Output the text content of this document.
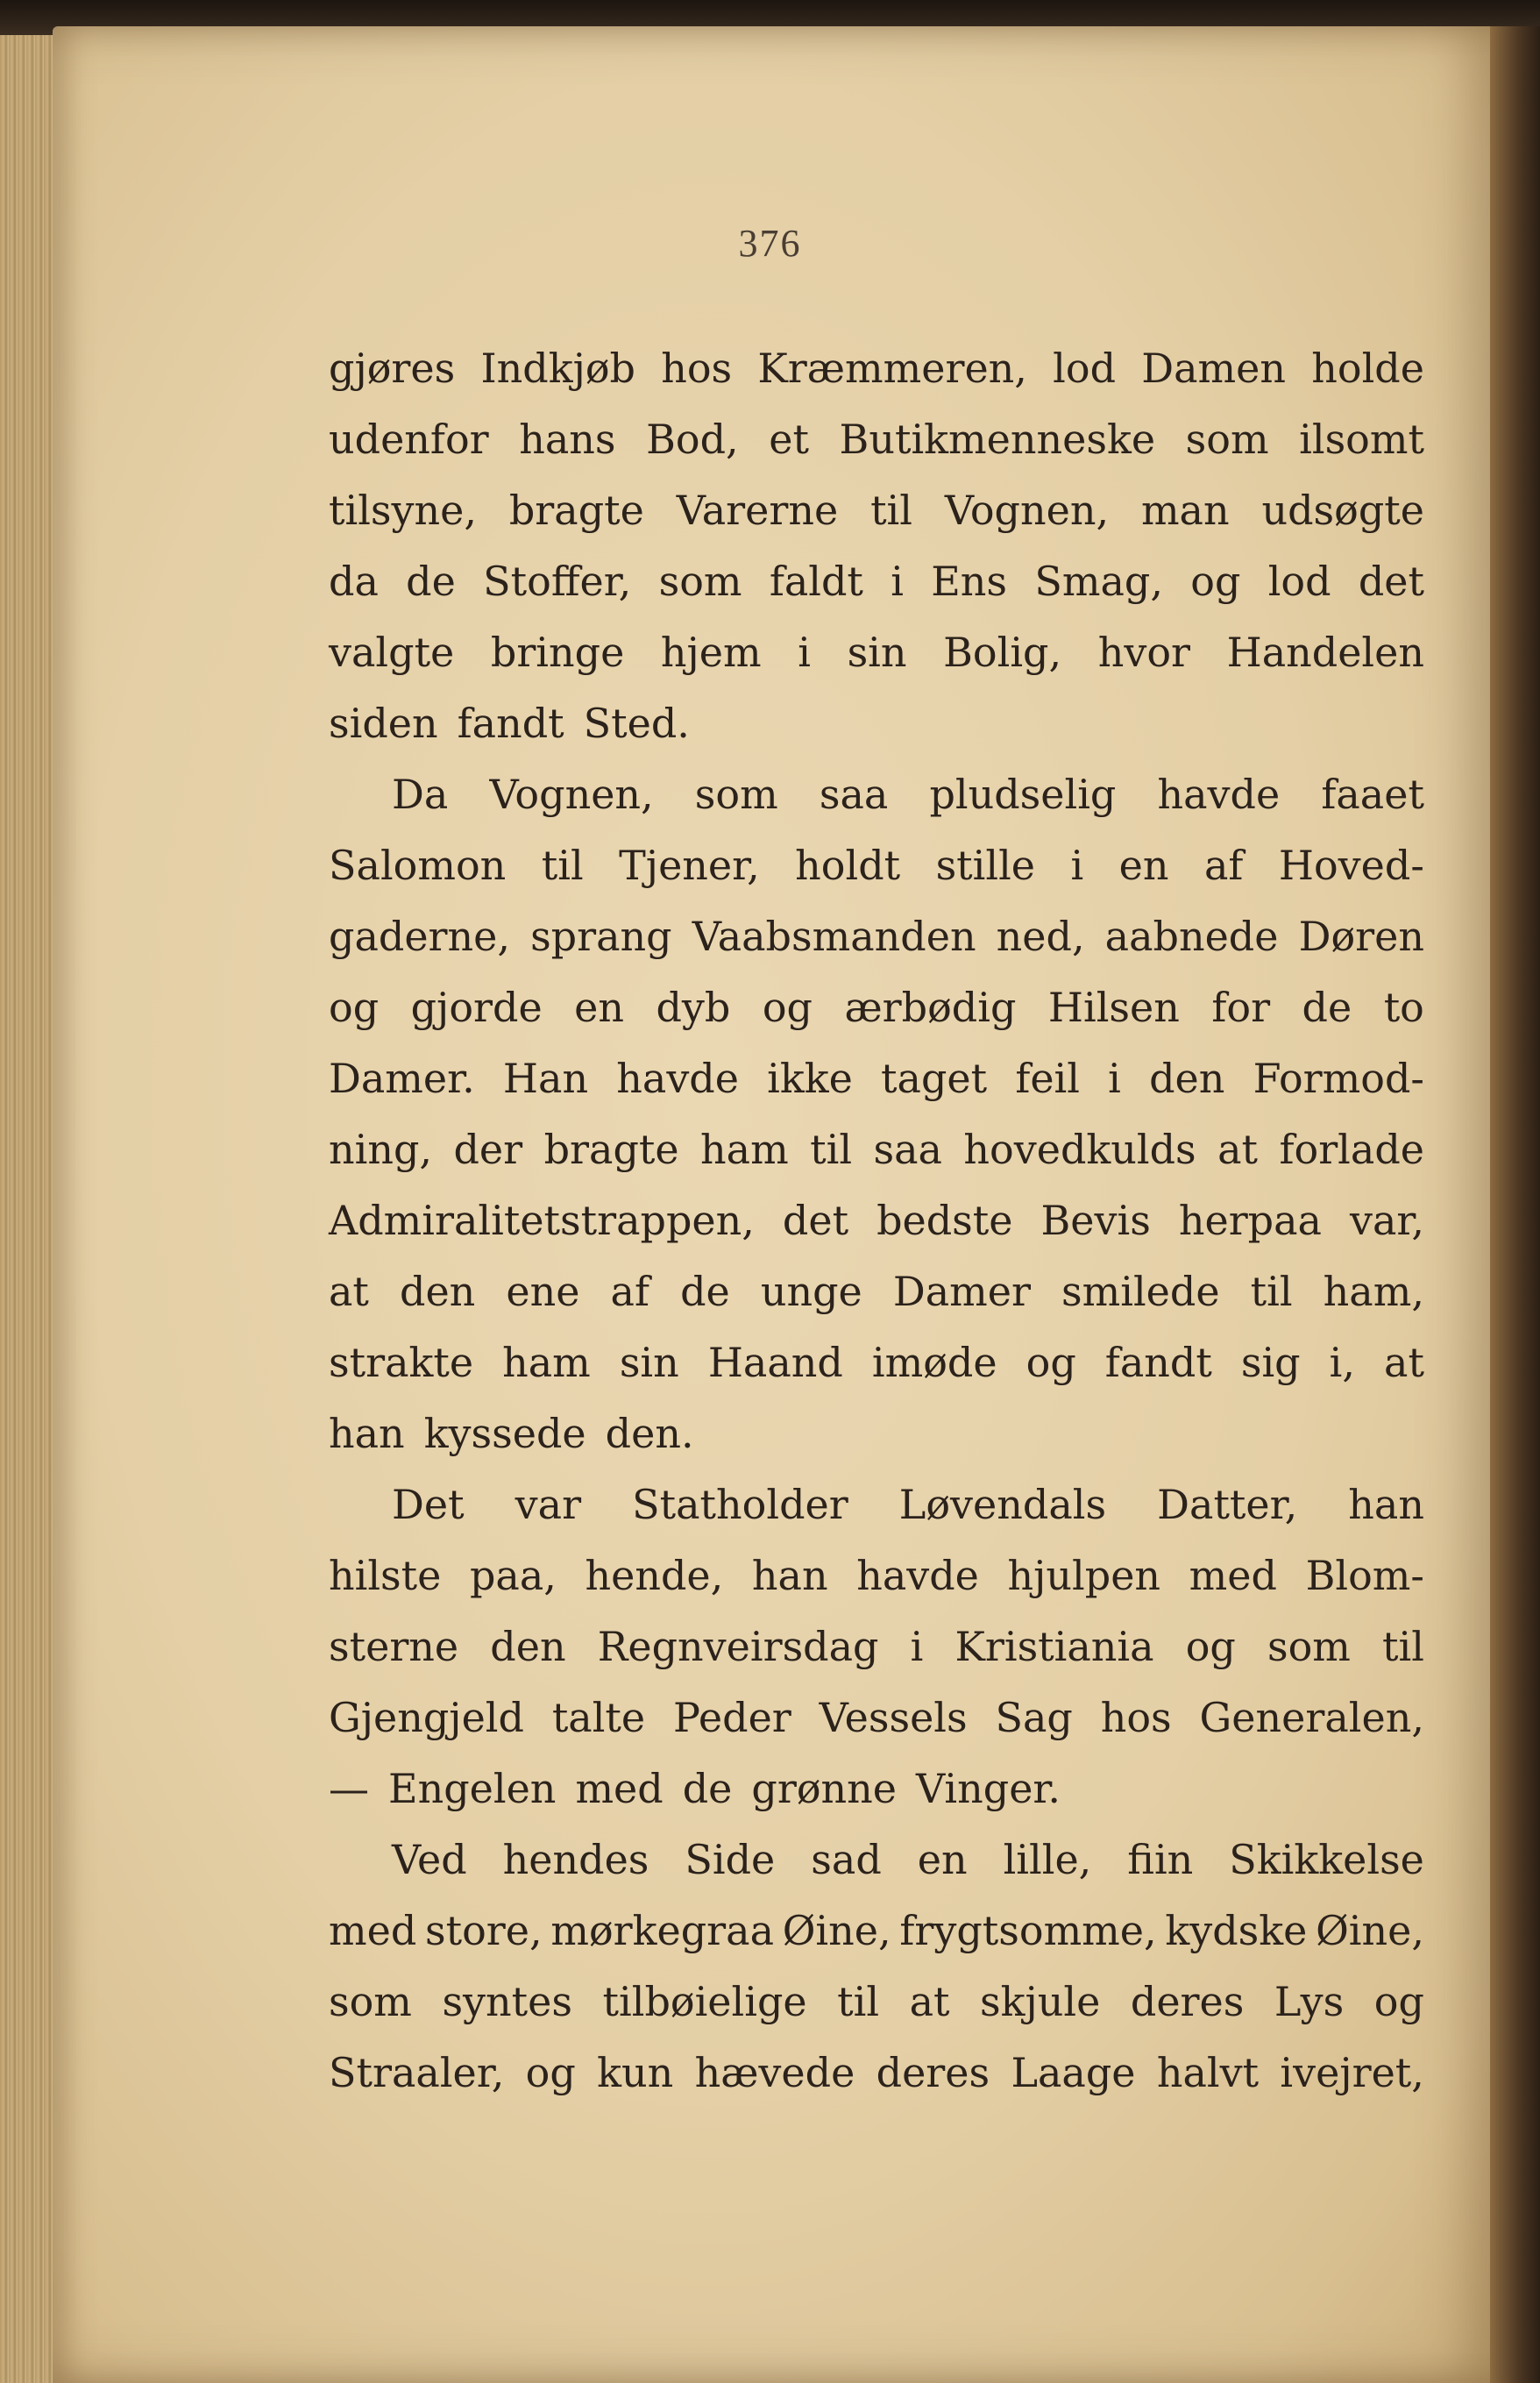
376
gjøres Indkjøb hos Kræmmeren, lod Damen holde
udenfor hans Bod, et Butikmenneske som ilsomt
tilsyne, bragte Varerne til Vognen, man udsøgte
da de Stoffer, som faldt i Ens Smag, og lod det
valgte bringe hjem i sin Bolig, hvor Handelen
siden fandt Sted.
Da Vognen, som saa pludselig havde faaet
Salomon til Tjener, holdt stille i en af Hoved-
gaderne, sprang Vaabsmanden ned, aabnede Døren
og gjorde en dyb og ærbødig Hilsen for de to
Damer. Han havde ikke taget feil i den Formod-
ning, der bragte ham til saa hovedkulds at forlade
Admiralitetstrappen, det bedste Bevis herpaa var,
at den ene af de unge Damer smilede til ham,
strakte ham sin Haand imøde og fandt sig i, at
han kyssede den.
Det var Statholder Løvendals Datter, han
hilste paa, hende, han havde hjulpen med Blom-
sterne den Regnveirsdag i Kristiania og som til
Gjengjeld talte Peder Vessels Sag hos Generalen,
— Engelen med de grønne Vinger.
Ved hendes Side sad en lille, fiin Skikkelse
med store, mørkegraa Øine, frygtsomme, kydske Øine,
som syntes tilbøielige til at skjule deres Lys og
Straaler, og kun hævede deres Laage halvt ivejret,
